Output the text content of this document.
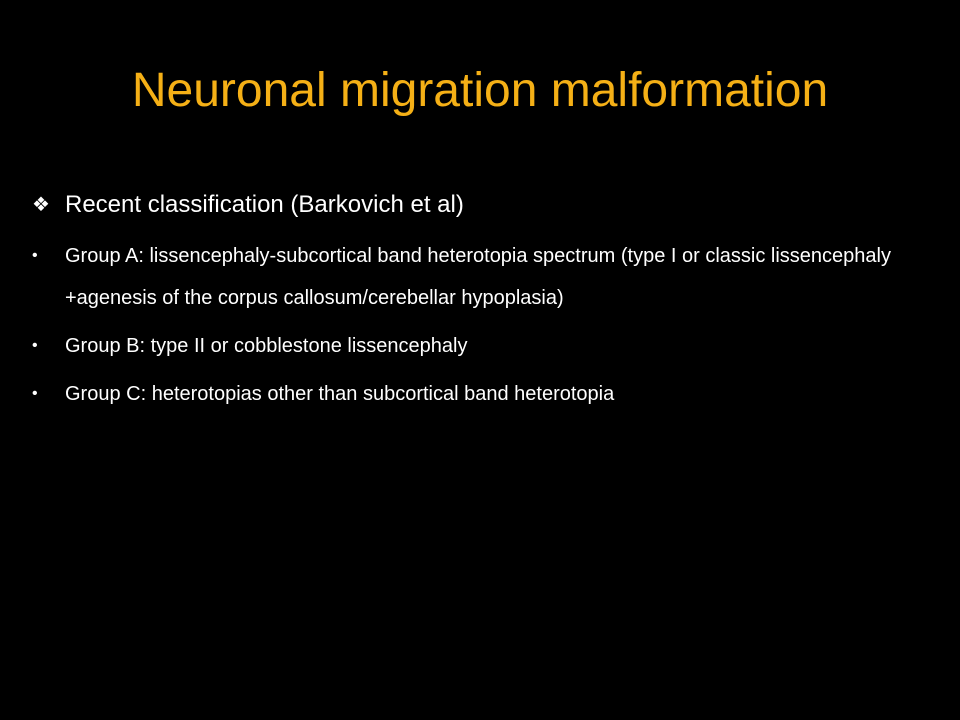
Neuronal migration malformation
❖ Recent classification (Barkovich et al)
•	Group A: lissencephaly-subcortical band heterotopia spectrum (type I or classic lissencephaly +agenesis of the corpus callosum/cerebellar hypoplasia)
•	Group B: type II or cobblestone lissencephaly
•	Group C: heterotopias other than subcortical band heterotopia
